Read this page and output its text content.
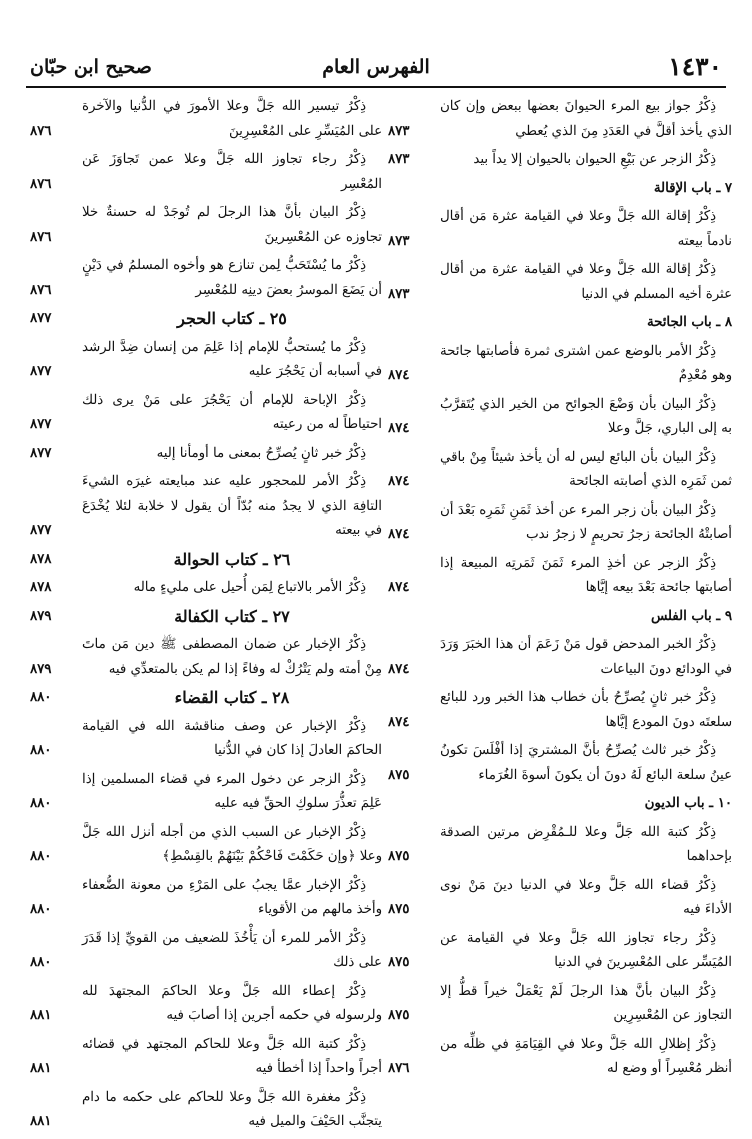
١٤٣٠
الفهرس العام
صحيح ابن حبّان
ذِكْرُ جواز بيع المرء الحيوانَ بعضها ببعض وإن كان الذي يأخذ أقلَّ في العَدَدِ مِنَ الذي يُعطي
٨٧٣
ذِكْرُ الزجر عن بَيْعِ الحيوان بالحيوان إلا يداً بيد
٨٧٣
٧ ـ باب الإقالة
ذِكْرُ إقالة الله جَلَّ وعلا في القيامة عثرة مَن أقال نادماً بيعته
٨٧٣
ذِكْرُ إقالة الله جَلَّ وعلا في القيامة عثرة من أقال عثرة أخيه المسلم في الدنيا
٨٧٣
٨ ـ باب الجائحة
ذِكْرُ الأمر بالوضع عمن اشترى ثمرة فأصابتها جائحة وهو مُعْدِمٌ
٨٧٤
ذِكْرُ البيان بأن وَضْعَ الجوائح من الخير الذي يُتَقرَّبُ به إلى الباري، جَلَّ وعلا
٨٧٤
ذِكْرُ البيان بأن البائع ليس له أن يأخذ شيئاً مِنْ باقي ثمن ثَمَرِه الذي أصابته الجائحة
٨٧٤
ذِكْرُ البيان بأن زجر المرء عن أخذ ثَمَنِ ثَمَرِه بَعْدَ أن أصابتْهُ الجائحة زجرُ تحريمٍ لا زجرُ ندب
٨٧٤
ذِكْرُ الزجر عن أخذِ المرء ثَمَنَ ثَمَرتِه المبيعة إذا أصابتها جائحة بَعْدَ بيعه إيَّاها
٨٧٤
٩ ـ باب الفلس
ذِكْرُ الخبر المدحض قول مَنْ زَعَمَ أن هذا الخبَرَ وَرَدَ في الودائع دونَ البياعات
٨٧٤
ذِكْرُ خبر ثانٍ يُصرِّحُ بأن خطاب هذا الخبر ورد للبائع سلعتَه دونَ المودع إيَّاها
٨٧٤
ذِكْرُ خبر ثالث يُصرِّحُ بأنَّ المشتريَ إذا أفْلَسَ تكونُ عينُ سلعة البائع لَهُ دونَ أن يكونَ أسوةَ الغُرَماء
٨٧٥
١٠ ـ باب الديون
ذِكْرُ كتبة الله جَلَّ وعلا للـمُقْرِض مرتين الصدقة بإحداهما
٨٧٥
ذِكْرُ قضاء الله جَلَّ وعلا في الدنيا دينَ مَنْ نوى الأداءَ فيه
٨٧٥
ذِكْرُ رجاء تجاوز الله جَلَّ وعلا في القيامة عن المُيَسِّر على المُعْسِرينَ في الدنيا
٨٧٥
ذِكْرُ البيان بأنَّ هذا الرجلَ لَمْ يَعْمَلْ خيراً قطُّ إلا التجاوز عن المُعْسِرِين
٨٧٥
ذِكْرُ إظلالِ الله جَلَّ وعلا في القِيَامَةِ في ظلِّه من أنظر مُعْسِراً أو وضع له
٨٧٦
ذِكْرُ تيسير الله جَلَّ وعلا الأمورَ في الدُّنيا والآخرة على المُيَسِّرِ على المُعْسِرِينَ
٨٧٦
ذِكْرُ رجاء تجاوز الله جَلَّ وعلا عمن تَجاوَزَ عَن المُعْسِر
٨٧٦
ذِكْرُ البيان بأنَّ هذا الرجلَ لم تُوجَدْ له حسنةٌ خلا تجاوزه عن المُعْسِرينَ
٨٧٦
ذِكْرُ ما يُسْتَحَبُّ لِمن تنازع هو وأخوه المسلمُ في دَيْنٍ أن يَضَعَ الموسرُ بعضَ دينِه للمُعْسِر
٨٧٦
٢٥ ـ كتاب الحجر
٨٧٧
ذِكْرُ ما يُستحبُّ للإمام إذا عَلِمَ من إنسان ضِدَّ الرشد في أسبابه أن يَحْجُرَ عليه
٨٧٧
ذِكْرُ الإباحة للإمام أن يَحْجُرَ على مَنْ يرى ذلك احتياطاً له من رعيته
٨٧٧
ذِكْرُ خبر ثانٍ يُصرِّحُ بمعنى ما أومأنا إليه
٨٧٧
ذِكْرُ الأمر للمحجور عليه عند مبايعته غيرَه الشيءَ التافِهَ الذي لا يجدُ منه بُدّاً أن يقول لا خلابة لئلا يُخْدَعَ في بيعته
٨٧٧
٢٦ ـ كتاب الحوالة
٨٧٨
ذِكْرُ الأمر بالاتباع لِمَن أُحيل على مليءٍ ماله
٨٧٨
٢٧ ـ كتاب الكفالة
٨٧٩
ذِكْرُ الإخبار عن ضمان المصطفى ﷺ دين مَن ماتَ مِنْ أمته ولم يَتْرُكْ له وفاءً إذا لم يكن بالمتعدِّي فيه
٨٧٩
٢٨ ـ كتاب القضاء
٨٨٠
ذِكْرُ الإخبار عن وصف مناقشة الله في القيامة الحاكمَ العادلَ إذا كان في الدُّنيا
٨٨٠
ذِكْرُ الزجر عن دخول المرء في قضاء المسلمين إذا عَلِمَ تعذُّرَ سلوكِ الحقِّ فيه عليه
٨٨٠
ذِكْرُ الإخبار عن السبب الذي من أجله أنزل الله جَلَّ وعلا ﴿وإن حَكَمْتَ فَاحْكُمْ بَيْنَهُمْ بالقِسْطِ﴾
٨٨٠
ذِكْرُ الإخبار عمَّا يجبُ على المَرْءِ من معونة الضُّعفاء وأخذ مالهم من الأقوياء
٨٨٠
ذِكْرُ الأمر للمرء أن يَأْخُذَ للضعيف من القويِّ إذا قَدَرَ على ذلك
٨٨٠
ذِكْرُ إعطاء الله جَلَّ وعلا الحاكمَ المجتهدَ لله ولرسوله في حكمه أجرين إذا أصابَ فيه
٨٨١
ذِكْرُ كتبة الله جَلَّ وعلا للحاكم المجتهد في قضائه أجراً واحداً إذا أخطأ فيه
٨٨١
ذِكْرُ مغفرة الله جَلَّ وعلا للحاكم على حكمه ما دام يتجنَّب الحَيْفَ والميل فيه
٨٨١
